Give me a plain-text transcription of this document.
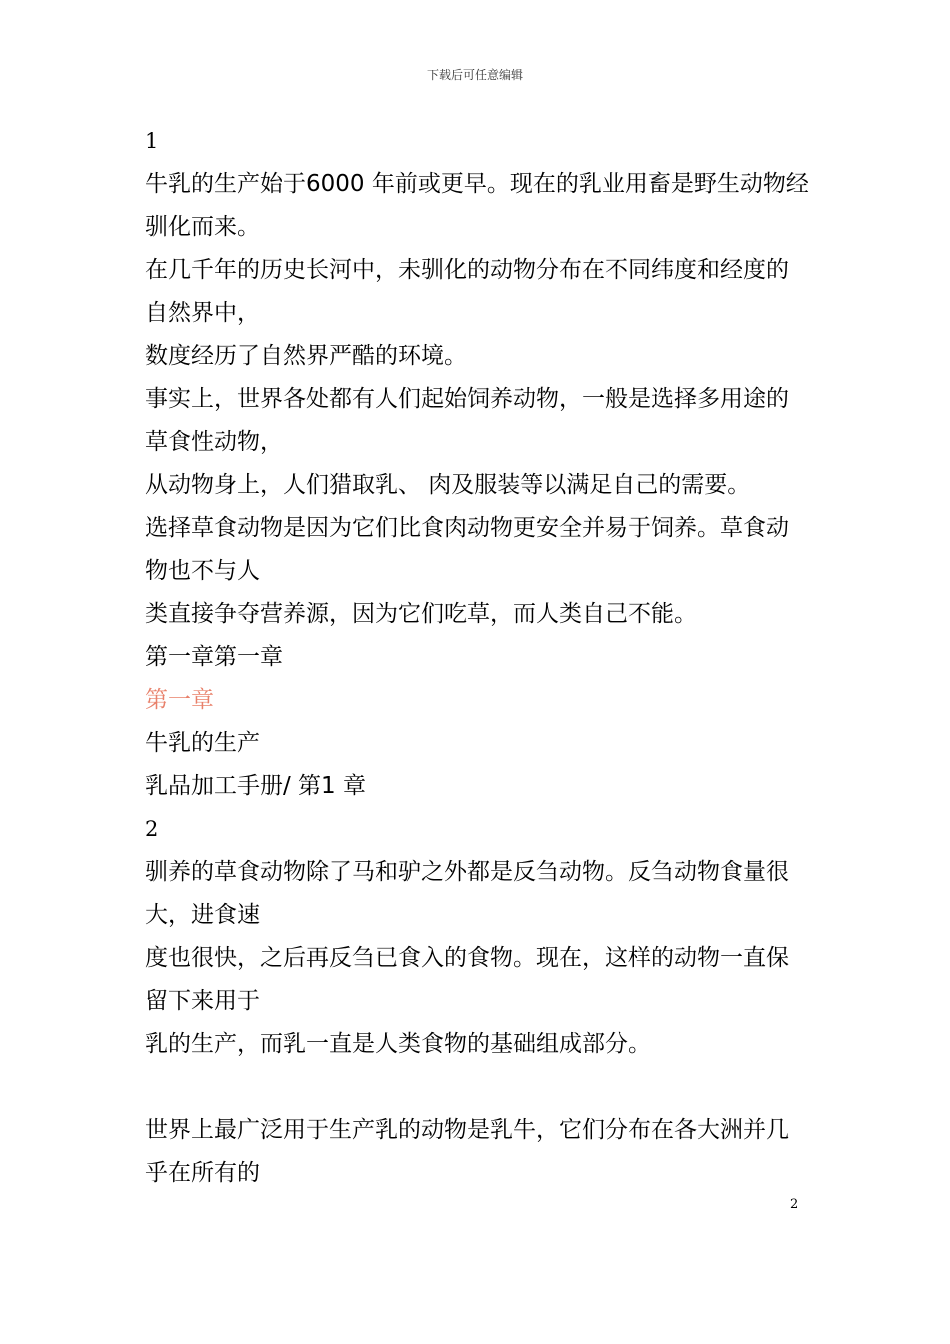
下载后可任意编辑
1
牛乳的生产始于6000 年前或更早。现在的乳业用畜是野生动物经
驯化而来。
在几千年的历史长河中，未驯化的动物分布在不同纬度和经度的
自然界中，
数度经历了自然界严酷的环境。
事实上，世界各处都有人们起始饲养动物，一般是选择多用途的
草食性动物，
从动物身上，人们猎取乳、 肉及服装等以满足自己的需要。
选择草食动物是因为它们比食肉动物更安全并易于饲养。草食动
物也不与人
类直接争夺营养源，因为它们吃草，而人类自己不能。
第一章第一章
第一章
牛乳的生产
乳品加工手册/ 第1 章
2
驯养的草食动物除了马和驴之外都是反刍动物。反刍动物食量很
大，进食速
度也很快，之后再反刍已食入的食物。现在，这样的动物一直保
留下来用于
乳的生产，而乳一直是人类食物的基础组成部分。
世界上最广泛用于生产乳的动物是乳牛，它们分布在各大洲并几
乎在所有的
2
